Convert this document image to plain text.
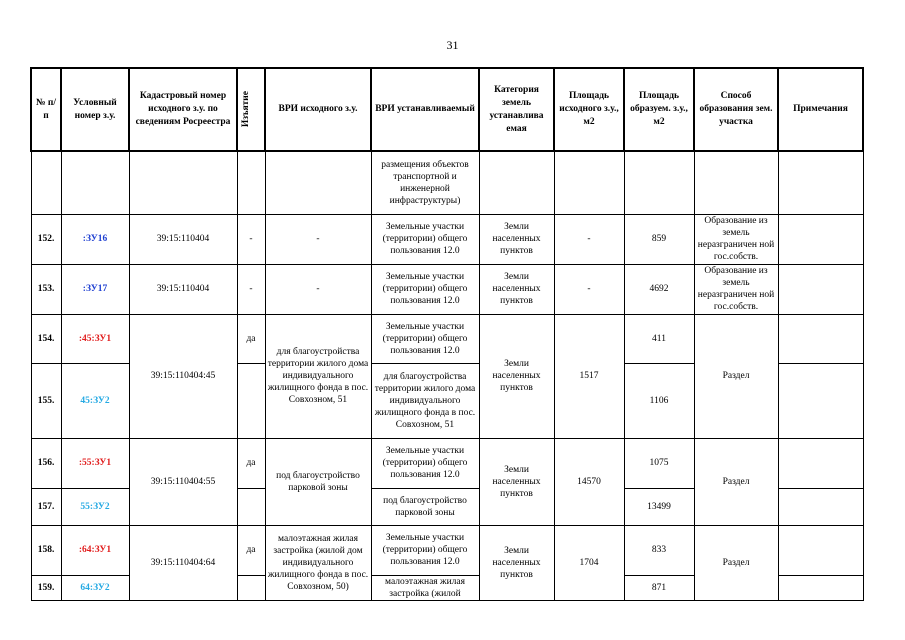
31
№ п/п	Условный номер з.у.	Кадастровый номер исходного з.у. по сведениям Росреестра	Изъятие	ВРИ исходного з.у.	ВРИ устанавливаемый	Категория земель устанавлива емая	Площадь исходного з.у., м2	Площадь образуем. з.у., м2	Способ образования зем. участка	Примечания
					размещения объектов транспортной и инженерной инфраструктуры)					
152.	:ЗУ16	39:15:110404	-	-	Земельные участки (территории) общего пользования 12.0	Земли населенных пунктов	-	859	Образование из земель неразграничен ной гос.собств.	
153.	:ЗУ17	39:15:110404	-	-	Земельные участки (территории) общего пользования 12.0	Земли населенных пунктов	-	4692	Образование из земель неразграничен ной гос.собств.	
154.	:45:ЗУ1	39:15:110404:45	да	для благоустройства территории жилого дома индивидуального жилищного фонда в пос. Совхозном, 51	Земельные участки (территории) общего пользования 12.0	Земли населенных пунктов	1517	411	Раздел	
155.	45:ЗУ2				для благоустройства территории жилого дома индивидуального жилищного фонда в пос. Совхозном, 51			1106		
156.	:55:ЗУ1	39:15:110404:55	да	под благоустройство парковой зоны	Земельные участки (территории) общего пользования 12.0	Земли населенных пунктов	14570	1075	Раздел	
157.	55:ЗУ2				под благоустройство парковой зоны			13499		
158.	:64:ЗУ1	39:15:110404:64	да	малоэтажная жилая застройка (жилой дом индивидуального жилищного фонда в пос. Совхозном, 50)	Земельные участки (территории) общего пользования 12.0	Земли населенных пунктов	1704	833	Раздел	
159.	64:ЗУ2				малоэтажная жилая застройка (жилой			871		
